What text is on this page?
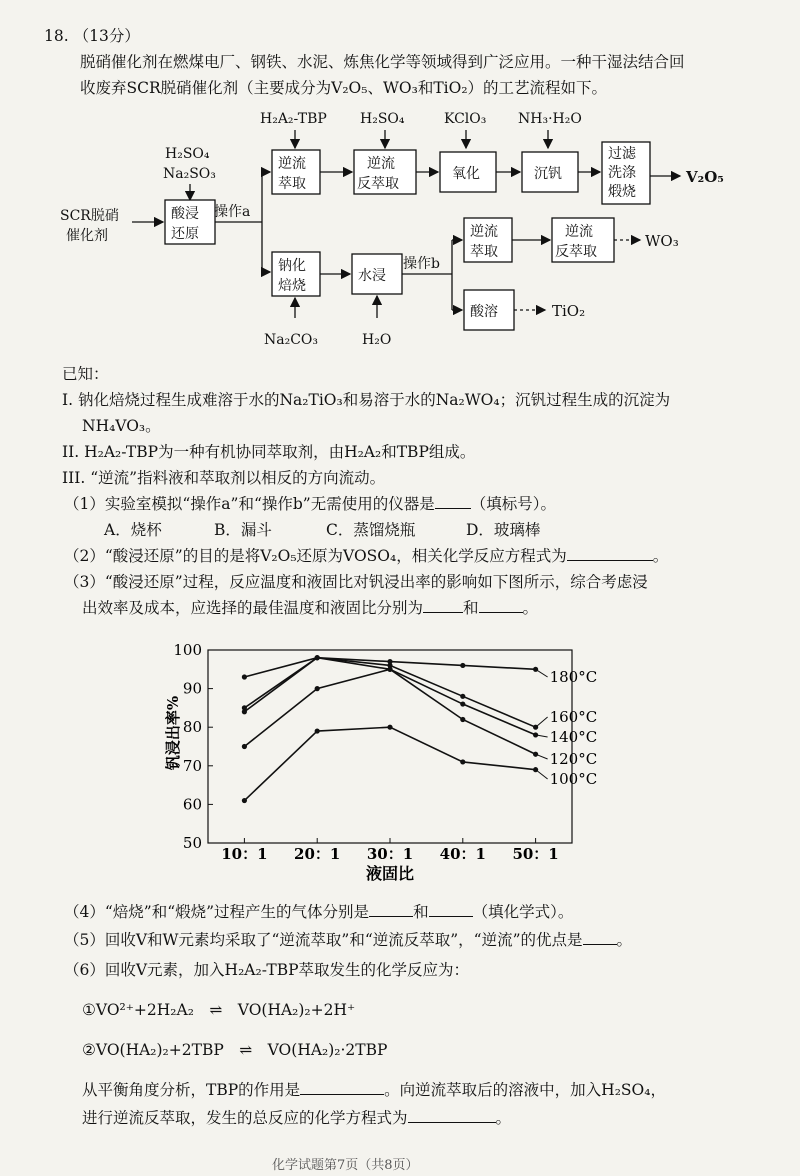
18. （13分）
脱硝催化剂在燃煤电厂、钢铁、水泥、炼焦化学等领域得到广泛应用。一种干湿法结合回
收废弃SCR脱硝催化剂（主要成分为V₂O₅、WO₃和TiO₂）的工艺流程如下。
H₂SO₄
Na₂SO₃
SCR脱硝
催化剂
酸浸
还原
操作a
H₂A₂-TBP H₂SO₄	KClO₃ NH₃·H₂O
逆流
萃取
逆流
反萃取
氧化	沉钒
过滤
洗涤
煅烧
V₂O₅
钠化
焙烧
Na₂CO₃
水浸
H₂O
操作b
逆流
萃取
逆流
反萃取
WO₃
酸溶	TiO₂
已知：
I. 钠化焙烧过程生成难溶于水的Na₂TiO₃和易溶于水的Na₂WO₄；沉钒过程生成的沉淀为
NH₄VO₃。
II. H₂A₂-TBP为一种有机协同萃取剂，由H₂A₂和TBP组成。
III. “逆流”指料液和萃取剂以相反的方向流动。
（1）实验室模拟“操作a”和“操作b”无需使用的仪器是 （填标号）。
A．烧杯	B．漏斗	C．蒸馏烧瓶	D．玻璃棒
（2）“酸浸还原”的目的是将V₂O₅还原为VOSO₄，相关化学反应方程式为	。
（3）“酸浸还原”过程，反应温度和液固比对钒浸出率的影响如下图所示，综合考虑浸
出效率及成本，应选择的最佳温度和液固比分别为	和	。
50
60
70
80
90
100
10：1 20：1 30：1 40：1 50：1
180°C
160°C
140°C
120°C
100°C
钒浸出率%
液固比
（4）“焙烧”和“煅烧”过程产生的气体分别是	和	（填化学式）。
（5）回收V和W元素均采取了“逆流萃取”和“逆流反萃取”，“逆流”的优点是 。
（6）回收V元素，加入H₂A₂-TBP萃取发生的化学反应为：
①VO²⁺+2H₂A₂ ⇌ VO(HA₂)₂+2H⁺
②VO(HA₂)₂+2TBP ⇌ VO(HA₂)₂·2TBP
从平衡角度分析，TBP的作用是	。向逆流萃取后的溶液中，加入H₂SO₄，
进行逆流反萃取，发生的总反应的化学方程式为	。
化学试题第7页（共8页）
